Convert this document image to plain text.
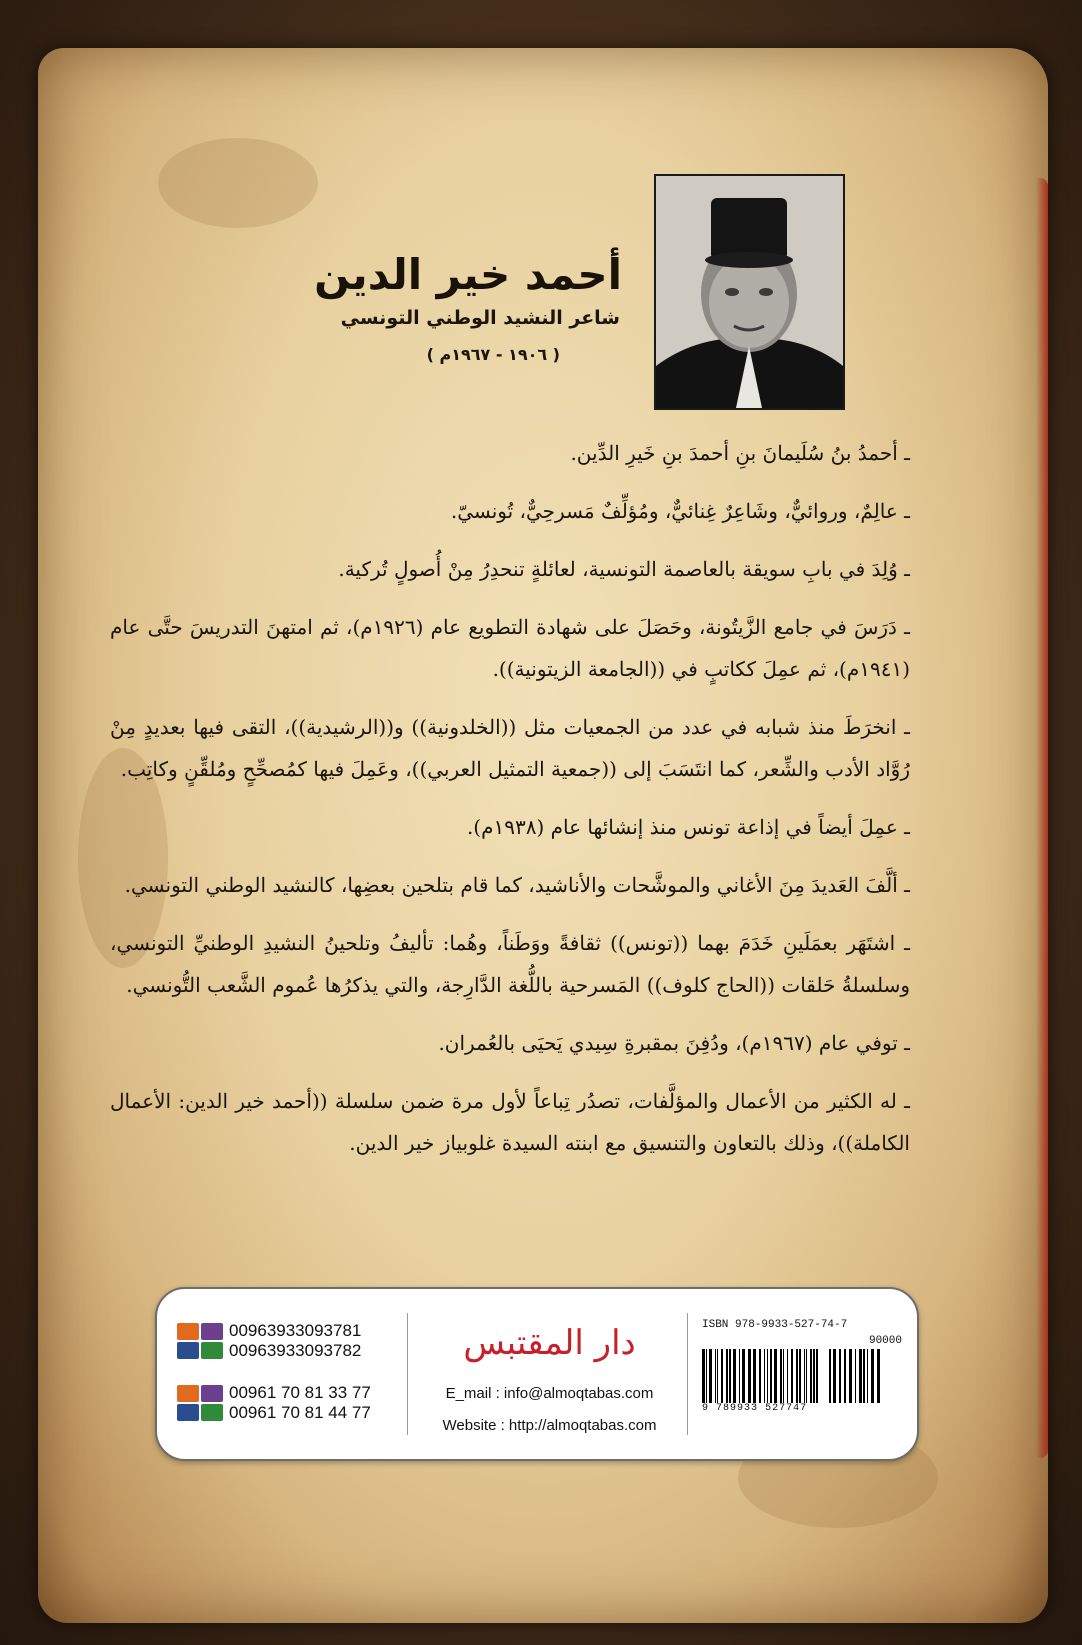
أحمد خير الدين
شاعر النشيد الوطني التونسي
( ١٩٠٦ - ١٩٦٧م )

ـ أحمدُ بنُ سُلَيمانَ بنِ أحمدَ بنِ خَيرِ الدِّين.

ـ عالِمٌ، وروائيٌّ، وشَاعِرٌ غِنائيٌّ، ومُؤلِّفٌ مَسرحِيٌّ، تُونسيّ.

ـ وُلِدَ في بابِ سويقة بالعاصمة التونسية، لعائلةٍ تنحدِرُ مِنْ أُصولٍ تُركية.

ـ دَرَسَ في جامع الزَّيتُونة، وحَصَلَ على شهادة التطويع عام (١٩٢٦م)، ثم امتهنَ التدريسَ حتَّى عام (١٩٤١م)، ثم عمِلَ ككاتبٍ في ((الجامعة الزيتونية)).

ـ انخرَطَ منذ شبابه في عدد من الجمعيات مثل ((الخلدونية)) و((الرشيدية))، التقى فيها بعديدٍ مِنْ رُوَّاد الأدب والشِّعر، كما انتَسَبَ إلى ((جمعية التمثيل العربي))، وعَمِلَ فيها كمُصحِّحٍ ومُلقِّنٍ وكاتِب.

ـ عمِلَ أيضاً في إذاعة تونس منذ إنشائها عام (١٩٣٨م).

ـ ألَّفَ العَديدَ مِنَ الأغاني والموشَّحات والأناشيد، كما قام بتلحين بعضِها، كالنشيد الوطني التونسي.

ـ اشتَهَر بعمَلَينِ خَدَمَ بهما ((تونس)) ثقافةً ووَطَناً، وهُما: تأليفُ وتلحينُ النشيدِ الوطنيِّ التونسي، وسلسلةُ حَلقات ((الحاج كلوف)) المَسرحية باللُّغة الدَّارِجة، والتي يذكرُها عُموم الشَّعب التُّونسي.

ـ توفي عام (١٩٦٧م)، ودُفِنَ بمقبرةِ سِيدي يَحيَى بالعُمران.

ـ له الكثير من الأعمال والمؤلَّفات، تصدُر تِباعاً لأول مرة ضمن سلسلة ((أحمد خير الدين: الأعمال الكاملة))، وذلك بالتعاون والتنسيق مع ابنته السيدة غلوبياز خير الدين.

00963933093781
00963933093782
00961 70 81 33 77
00961 70 81 44 77
دار المقتبس
E_mail : info@almoqtabas.com
Website : http://almoqtabas.com
ISBN 978-9933-527-74-7
90000
9 789933 527747
